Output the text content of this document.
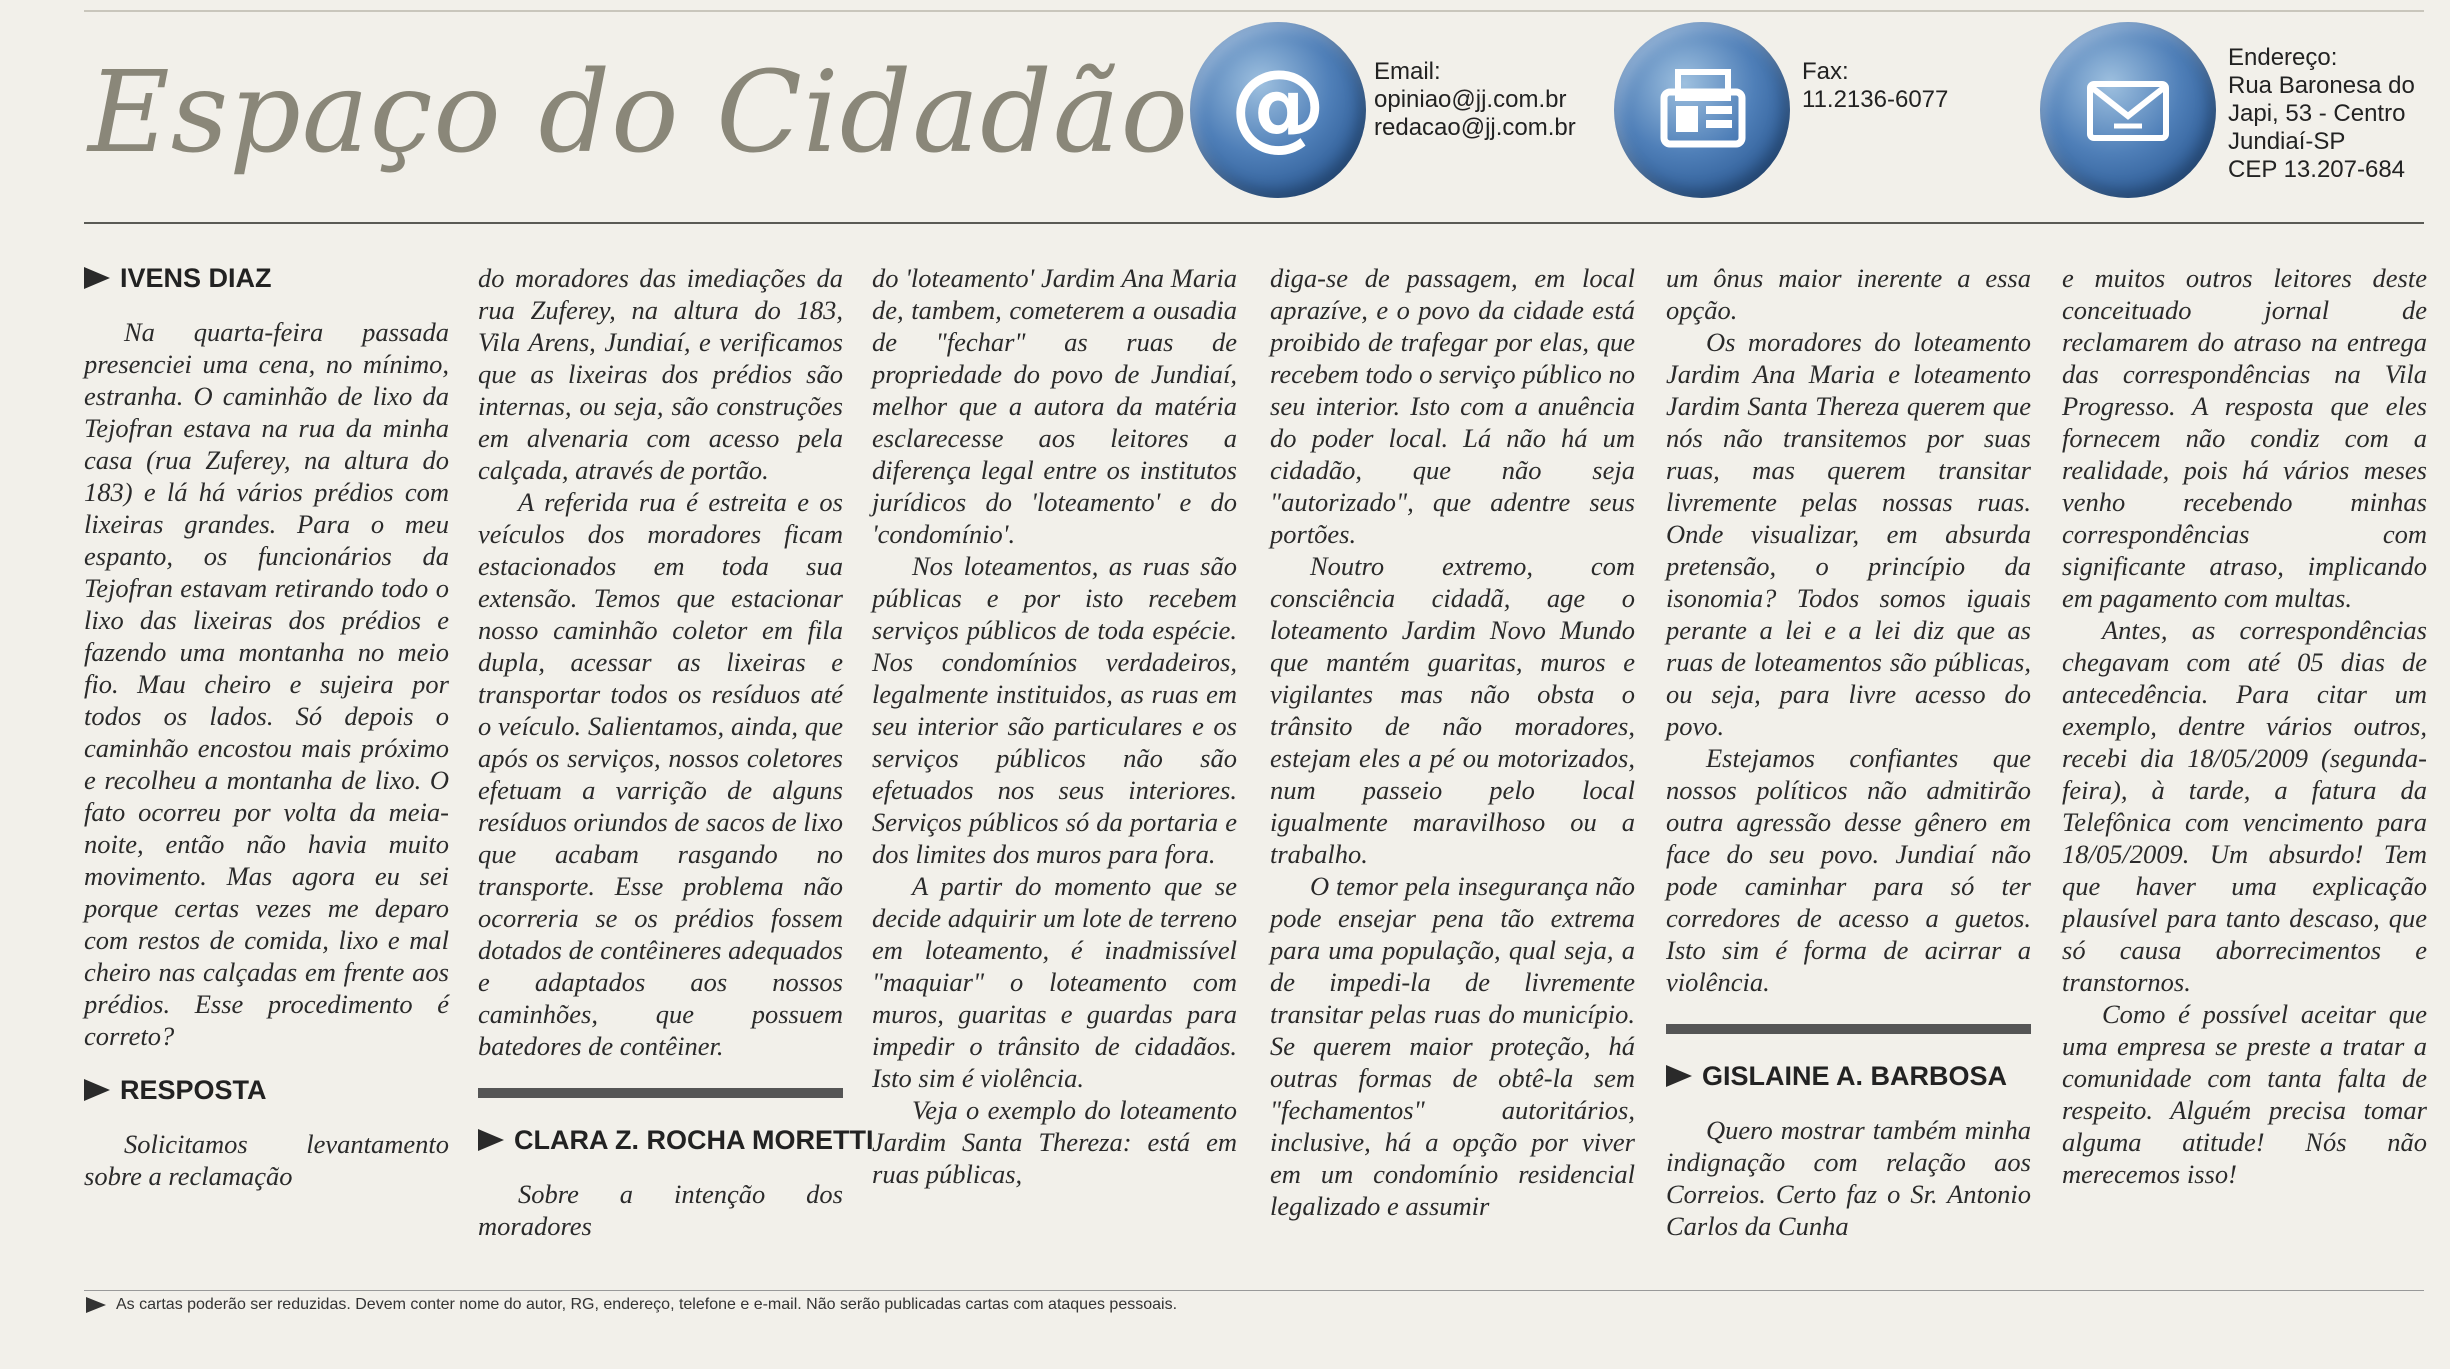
Espaço do Cidadão @ Email:
opiniao@jj.com.br
redacao@jj.com.br
Fax:
11.2136-6077
Endereço:
Rua Baronesa do
Japi, 53 - Centro
Jundiaí-SP
CEP 13.207-684
IVENS DIAZ

Na quarta-feira passada presenciei uma cena, no mínimo, estranha. O caminhão de lixo da Tejofran estava na rua da minha casa (rua Zuferey, na altura do 183) e lá há vários prédios com lixeiras grandes. Para o meu espanto, os funcionários da Tejofran estavam retirando todo o lixo das lixeiras dos prédios e fazendo uma montanha no meio fio. Mau cheiro e sujeira por todos os lados. Só depois o caminhão encostou mais próximo e recolheu a montanha de lixo. O fato ocorreu por volta da meia-noite, então não havia muito movimento. Mas agora eu sei porque certas vezes me deparo com restos de comida, lixo e mal cheiro nas calçadas em frente aos prédios. Esse procedimento é correto?

RESPOSTA

Solicitamos levantamento sobre a reclamação

do moradores das imediações da rua Zuferey, na altura do 183, Vila Arens, Jundiaí, e verificamos que as lixeiras dos prédios são internas, ou seja, são construções em alvenaria com acesso pela calçada, através de portão.

A referida rua é estreita e os veículos dos moradores ficam estacionados em toda sua extensão. Temos que estacionar nosso caminhão coletor em fila dupla, acessar as lixeiras e transportar todos os resíduos até o veículo. Salientamos, ainda, que após os serviços, nossos coletores efetuam a varrição de alguns resíduos oriundos de sacos de lixo que acabam rasgando no transporte. Esse problema não ocorreria se os prédios fossem dotados de contêineres adequados e adaptados aos nossos caminhões, que possuem batedores de contêiner.

CLARA Z. ROCHA MORETTI

Sobre a intenção dos moradores

do 'loteamento' Jardim Ana Maria de, tambem, cometerem a ousadia de "fechar" as ruas de propriedade do povo de Jundiaí, melhor que a autora da matéria esclarecesse aos leitores a diferença legal entre os institutos jurídicos do 'loteamento' e do 'condomínio'.

Nos loteamentos, as ruas são públicas e por isto recebem serviços públicos de toda espécie. Nos condomínios verdadeiros, legalmente instituidos, as ruas em seu interior são particulares e os serviços públicos não são efetuados nos seus interiores. Serviços públicos só da portaria e dos limites dos muros para fora.

A partir do momento que se decide adquirir um lote de terreno em loteamento, é inadmissível "maquiar" o loteamento com muros, guaritas e guardas para impedir o trânsito de cidadãos. Isto sim é violência.

Veja o exemplo do loteamento Jardim Santa Thereza: está em ruas públicas,

diga-se de passagem, em local aprazíve, e o povo da cidade está proibido de trafegar por elas, que recebem todo o serviço público no seu interior. Isto com a anuência do poder local. Lá não há um cidadão, que não seja "autorizado", que adentre seus portões.

Noutro extremo, com consciência cidadã, age o loteamento Jardim Novo Mundo que mantém guaritas, muros e vigilantes mas não obsta o trânsito de não moradores, estejam eles a pé ou motorizados, num passeio pelo local igualmente maravilhoso ou a trabalho.

O temor pela insegurança não pode ensejar pena tão extrema para uma população, qual seja, a de impedi-la de livremente transitar pelas ruas do município. Se querem maior proteção, há outras formas de obtê-la sem "fechamentos" autoritários, inclusive, há a opção por viver em um condomínio residencial legalizado e assumir

um ônus maior inerente a essa opção.

Os moradores do loteamento Jardim Ana Maria e loteamento Jardim Santa Thereza querem que nós não transitemos por suas ruas, mas querem transitar livremente pelas nossas ruas. Onde visualizar, em absurda pretensão, o princípio da isonomia? Todos somos iguais perante a lei e a lei diz que as ruas de loteamentos são públicas, ou seja, para livre acesso do povo.

Estejamos confiantes que nossos políticos não admitirão outra agressão desse gênero em face do seu povo. Jundiaí não pode caminhar para só ter corredores de acesso a guetos. Isto sim é forma de acirrar a violência.

GISLAINE A. BARBOSA

Quero mostrar também minha indignação com relação aos Correios. Certo faz o Sr. Antonio Carlos da Cunha

e muitos outros leitores deste conceituado jornal de reclamarem do atraso na entrega das correspondências na Vila Progresso. A resposta que eles fornecem não condiz com a realidade, pois há vários meses venho recebendo minhas correspondências com significante atraso, implicando em pagamento com multas.

Antes, as correspondências chegavam com até 05 dias de antecedência. Para citar um exemplo, dentre vários outros, recebi dia 18/05/2009 (segunda-feira), à tarde, a fatura da Telefônica com vencimento para 18/05/2009. Um absurdo! Tem que haver uma explicação plausível para tanto descaso, que só causa aborrecimentos e transtornos.

Como é possível aceitar que uma empresa se preste a tratar a comunidade com tanta falta de respeito. Alguém precisa tomar alguma atitude! Nós não merecemos isso!

As cartas poderão ser reduzidas. Devem conter nome do autor, RG, endereço, telefone e e-mail. Não serão publicadas cartas com ataques pessoais.
